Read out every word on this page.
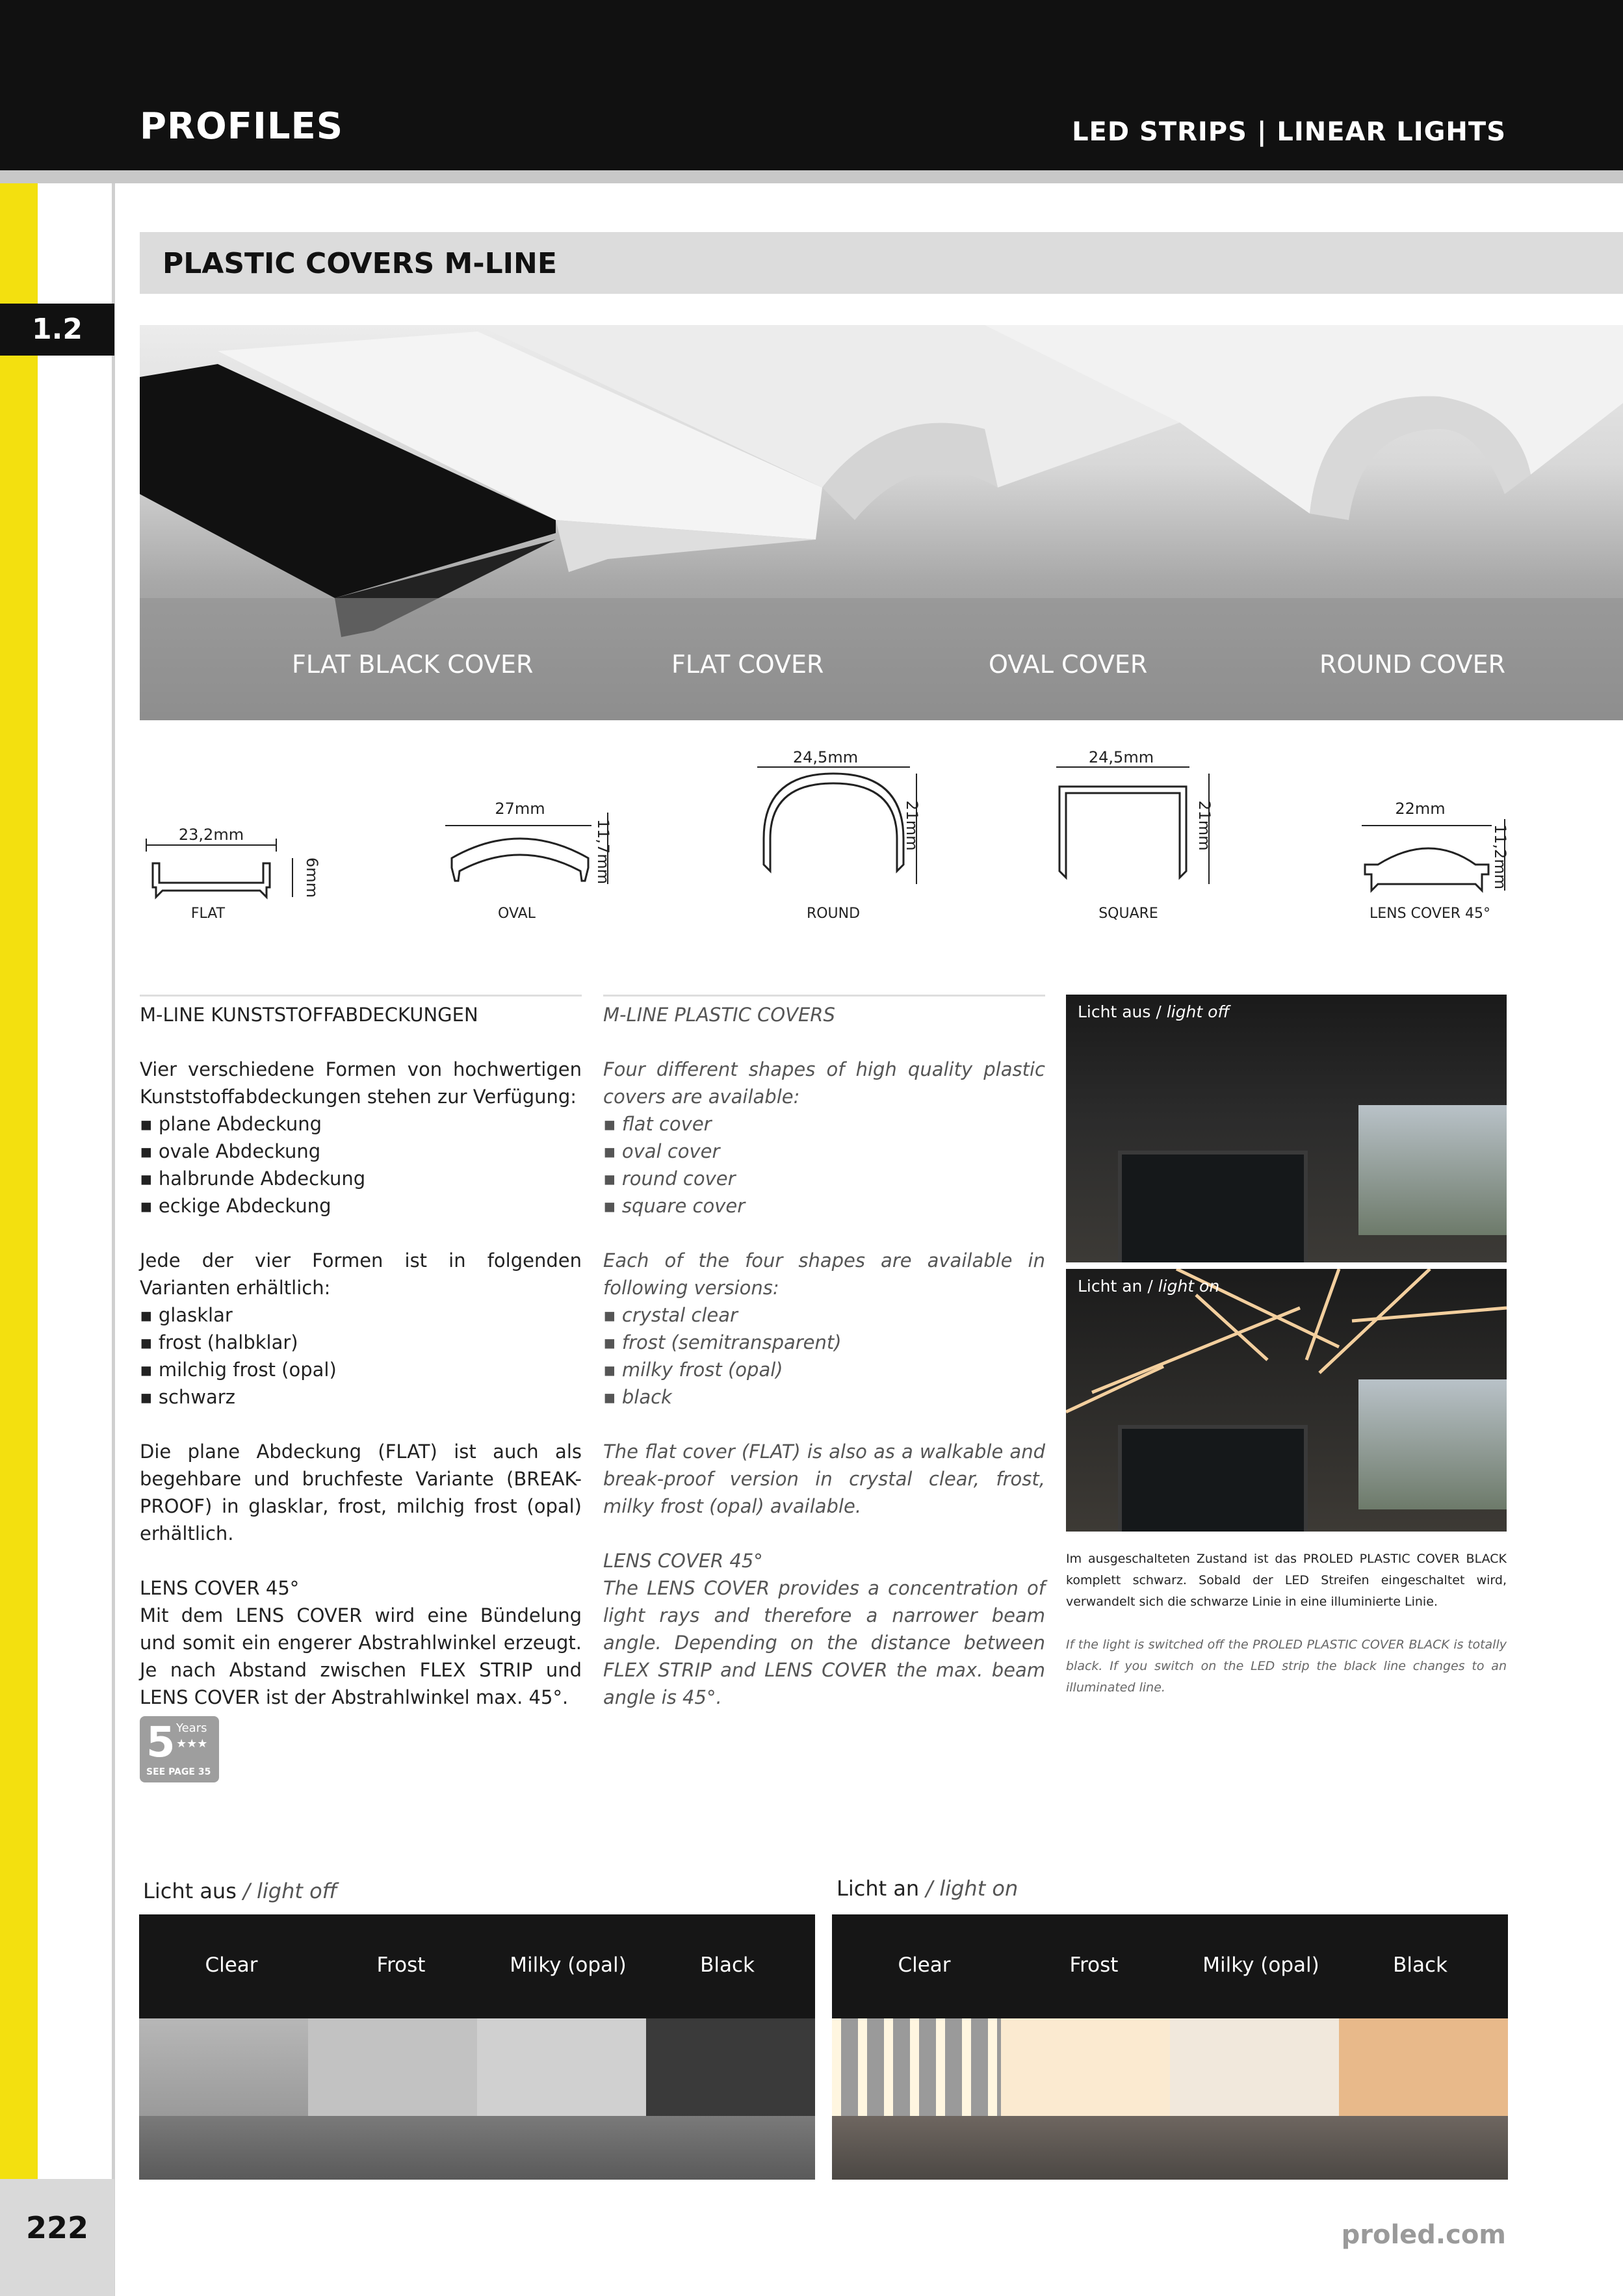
PROFILES	LED STRIPS | LINEAR LIGHTS
1.2
222
PLASTIC COVERS M-LINE
FLAT BLACK COVER	FLAT COVER	OVAL COVER	ROUND COVER
23,2mm
6mm
27mm
11,7mm
24,5mm
21mm
24,5mm
21mm	22mm
11,2mm
FLAT	OVAL	ROUND	SQUARE	LENS COVER 45°

M-LINE KUNSTSTOFFABDECKUNGEN

Vier verschiedene Formen von hochwertigen Kunststoffabdeckungen stehen zur Verfügung:
▪ plane Abdeckung
▪ ovale Abdeckung
▪ halbrunde Abdeckung
▪ eckige Abdeckung
Jede der vier Formen ist in folgenden Varianten erhältlich:
▪ glasklar
▪ frost (halbklar)
▪ milchig frost (opal)
▪ schwarz

Die plane Abdeckung (FLAT) ist auch als begehbare und bruchfeste Variante (BREAK-PROOF) in glasklar, frost, milchig frost (opal) erhältlich.

LENS COVER 45°
Mit dem LENS COVER wird eine Bündelung und somit ein engerer Abstrahlwinkel erzeugt. Je nach Abstand zwischen FLEX STRIP und LENS COVER ist der Abstrahlwinkel max. 45°.

M-LINE PLASTIC COVERS

Four different shapes of high quality plastic covers are available:
▪ flat cover
▪ oval cover
▪ round cover
▪ square cover
Each of the four shapes are available in following versions:
▪ crystal clear
▪ frost (semitransparent)
▪ milky frost (opal)
▪ black

The flat cover (FLAT) is also as a walkable and break-proof version in crystal clear, frost, milky frost (opal) available.

LENS COVER 45°
The LENS COVER provides a concentration of light rays and therefore a narrower beam angle. Depending on the distance between FLEX STRIP and LENS COVER the max. beam angle is 45°.
Licht aus / light off
Licht an / light on
Im ausgeschalteten Zustand ist das PROLED PLASTIC COVER BLACK komplett schwarz. Sobald der LED Streifen eingeschaltet wird, verwandelt sich die schwarze Linie in eine illuminierte Linie.
If the light is switched off the PROLED PLASTIC COVER BLACK is totally black. If you switch on the LED strip the black line changes to an illuminated line.
5 Years
★★★
SEE PAGE 35
Licht aus / light off	Licht an / light on
Clear	Frost	Milky (opal)	Black	Clear	Frost	Milky (opal)	Black
proled.com
